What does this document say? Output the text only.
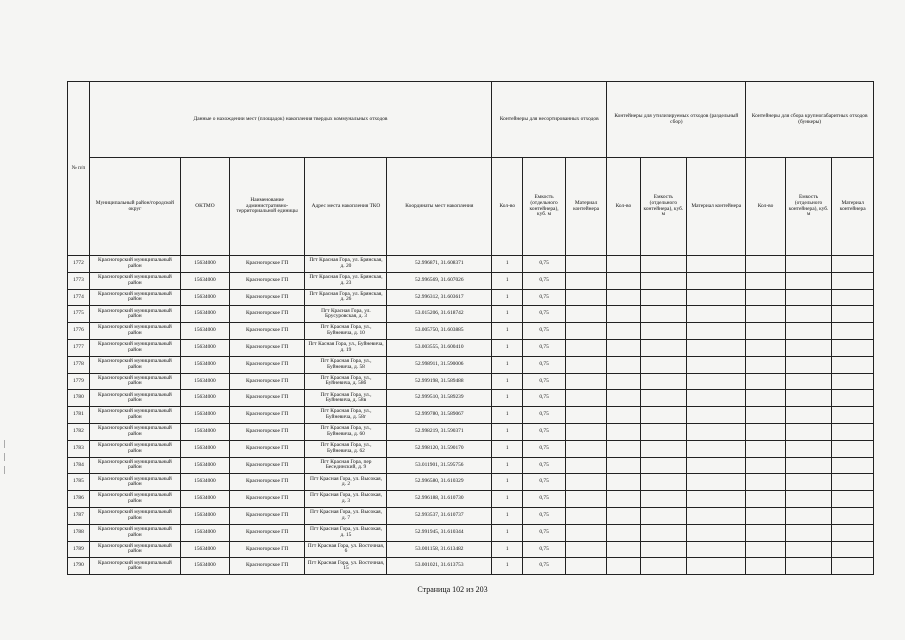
№ п/п	Данные о нахождении мест (площадок) накопления твердых коммунальных отходов					Контейнеры для несортированных отходов			Контейнеры для утилизируемых отходов (раздельный сбор)			Контейнеры для сбора крупногабаритных отходов (бункеры)		
	Муниципальный район/городской округ	ОКТМО	Наименование административно-территориальной единицы	Адрес места накопления ТКО	Координаты мест накопления	Кол-во	Емкость (отдельного контейнера), куб. м	Материал контейнера	Кол-во	Емкость (отдельного контейнера), куб. м	Материал контейнера	Кол-во	Емкость (отдельного контейнера), куб. м	Материал контейнера
1772	Красногорский муниципальный район	15634000	Красногорское ГП	Пгт Красная Гора, ул. Брянская, д. 20	52.996871, 31.608371	1	0,75							
1773	Красногорский муниципальный район	15634000	Красногорское ГП	Пгт Красная Гора, ул. Брянская, д. 23	52.996569, 31.607026	1	0,75							
1774	Красногорский муниципальный район	15634000	Красногорское ГП	Пгт Красная Гора, ул. Брянская, д. 26	52.996312, 31.603617	1	0,75							
1775	Красногорский муниципальный район	15634000	Красногорское ГП	Пгт Красная Гора, ул. Брусуровская, д. 3	53.015206, 31.618742	1	0,75							
1776	Красногорский муниципальный район	15634000	Красногорское ГП	Пгт Красная Гора, ул., Буйневича, д. 10	53.005750, 31.603885	1	0,75							
1777	Красногорский муниципальный район	15634000	Красногорское ГП	Пгт Касная Гора, ул., Буйневича, д. 19	53.003555, 31.600410	1	0,75							
1778	Красногорский муниципальный район	15634000	Красногорское ГП	Пгт Красная Гора, ул., Буйневича, д. 58	52.998911, 31.590006	1	0,75							
1779	Красногорский муниципальный район	15634000	Красногорское ГП	Пгт Красная Гора, ул., Буйневича, д. 58б	52.999198, 31.589488	1	0,75							
1780	Красногорский муниципальный район	15634000	Красногорское ГП	Пгт Красная Гора, ул., Буйневича, д. 58в	52.999510, 31.589239	1	0,75							
1781	Красногорский муниципальный район	15634000	Красногорское ГП	Пгт Красная Гора, ул., Буйневича, д. 58г	52.999780, 31.589067	1	0,75							
1782	Красногорский муниципальный район	15634000	Красногорское ГП	Пгт Красная Гора, ул., Буйневича, д. 60	52.998219, 31.590371	1	0,75							
1783	Красногорский муниципальный район	15634000	Красногорское ГП	Пгт Красная Гора, ул., Буйневича, д. 62	52.998120, 31.590170	1	0,75							
1784	Красногорский муниципальный район	15634000	Красногорское ГП	Пгт Красная Гора, пер Бесединский, д. 9	53.011901, 31.595756	1	0,75							
1785	Красногорский муниципальный район	15634000	Красногорское ГП	Пгт Красная Гора, ул. Высокая, д. 2	52.996580, 31.610329	1	0,75							
1786	Красногорский муниципальный район	15634000	Красногорское ГП	Пгт Красная Гора, ул. Высокая, д. 3	52.996188, 31.610730	1	0,75							
1787	Красногорский муниципальный район	15634000	Красногорское ГП	Пгт Красная Гора, ул. Высокая, д. 7	52.993537, 31.610737	1	0,75							
1788	Красногорский муниципальный район	15634000	Красногорское ГП	Пгт Красная Гора, ул. Высокая, д. 15	52.991945, 31.610344	1	0,75							
1789	Красногорский муниципальный район	15634000	Красногорское ГП	Пгт Красная Гора, ул. Восточная, 6	53.001158, 31.613482	1	0,75							
1790	Красногорский муниципальный район	15634000	Красногорское ГП	Пгт Красная Гора, ул. Восточная, 15	53.001021, 31.613753	1	0,75							
Страница 102 из 203
